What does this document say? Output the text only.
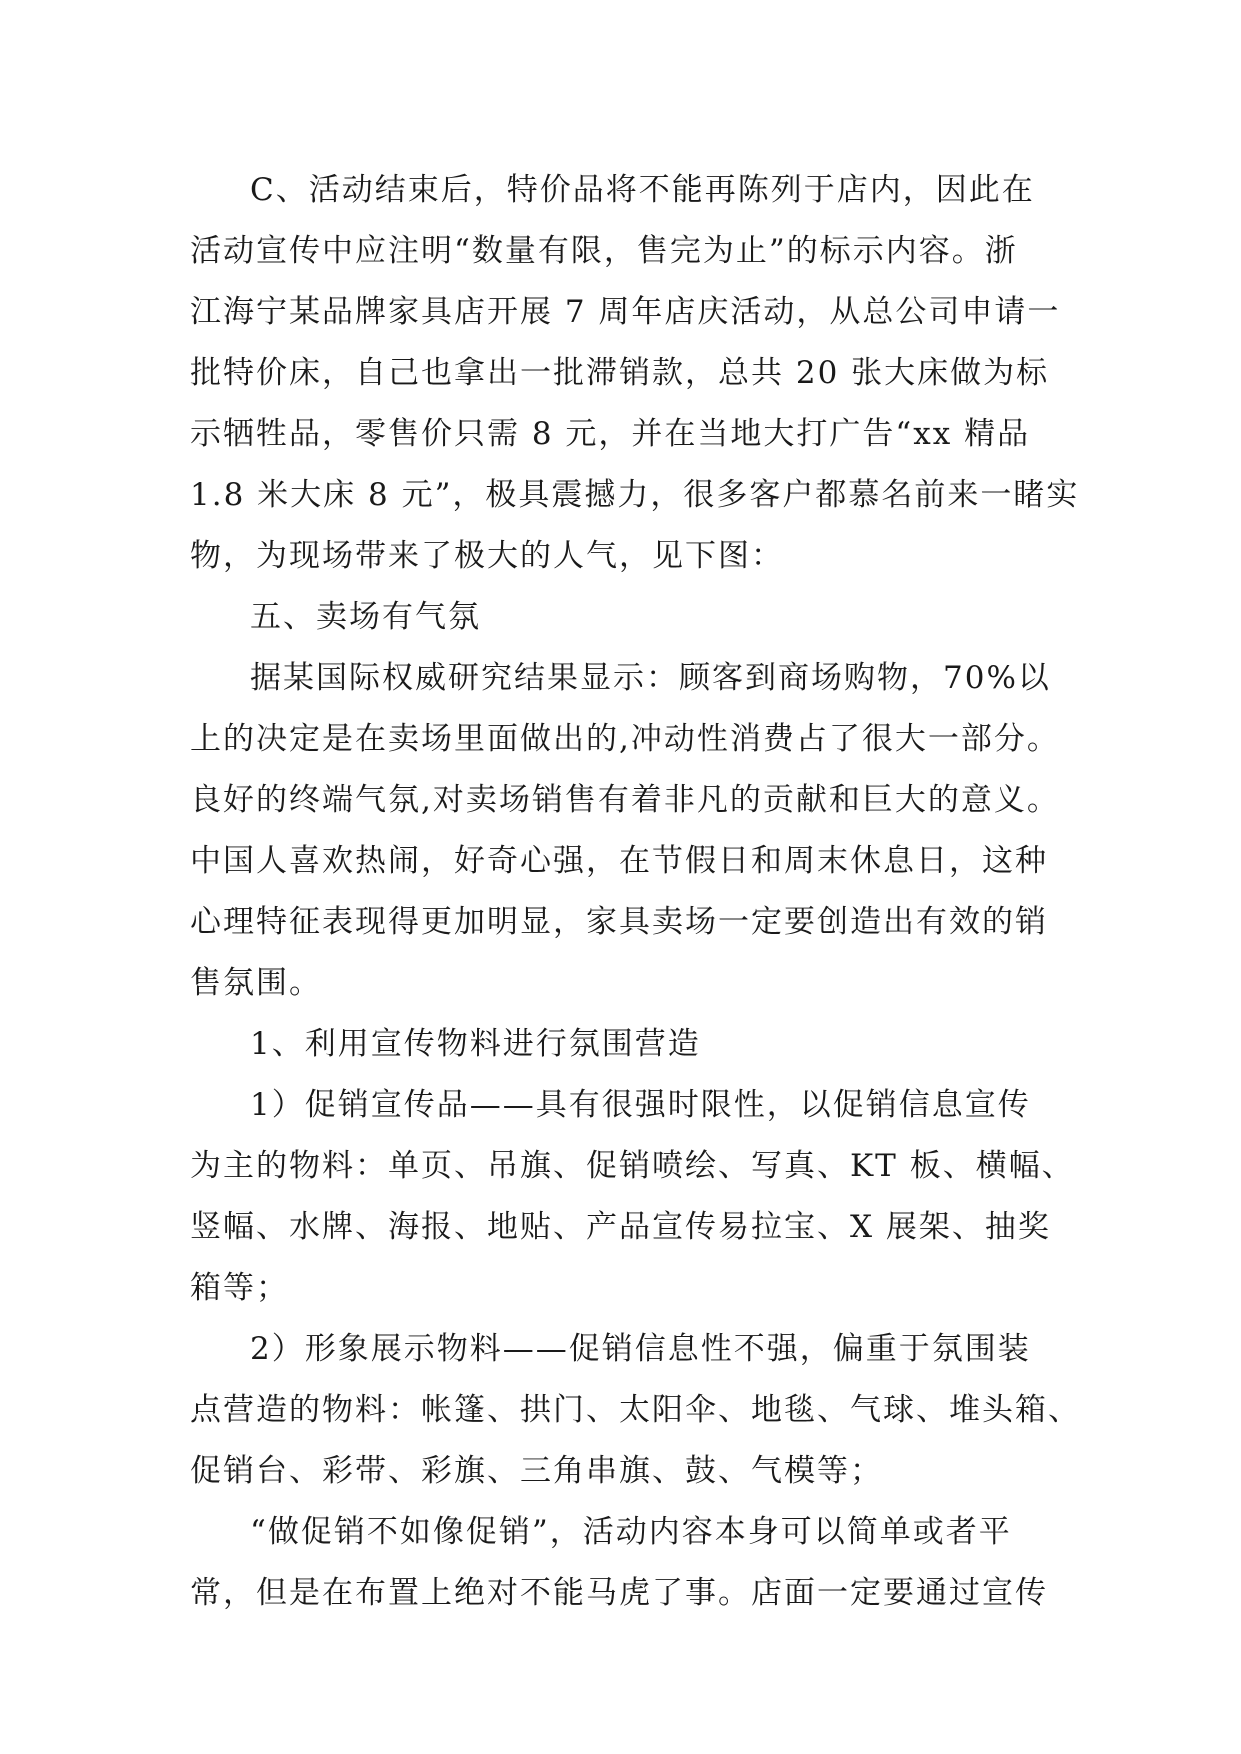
C、活动结束后，特价品将不能再陈列于店内，因此在
活动宣传中应注明“数量有限，售完为止”的标示内容。浙
江海宁某品牌家具店开展 7 周年店庆活动，从总公司申请一
批特价床，自己也拿出一批滞销款，总共 20 张大床做为标
示牺牲品，零售价只需 8 元，并在当地大打广告“xx 精品
1.8 米大床 8 元”，极具震撼力，很多客户都慕名前来一睹实
物，为现场带来了极大的人气，见下图：
五、卖场有气氛
据某国际权威研究结果显示：顾客到商场购物，70%以
上的决定是在卖场里面做出的,冲动性消费占了很大一部分。
良好的终端气氛,对卖场销售有着非凡的贡献和巨大的意义。
中国人喜欢热闹，好奇心强，在节假日和周末休息日，这种
心理特征表现得更加明显，家具卖场一定要创造出有效的销
售氛围。
1、利用宣传物料进行氛围营造
1）促销宣传品——具有很强时限性，以促销信息宣传
为主的物料：单页、吊旗、促销喷绘、写真、KT 板、横幅、
竖幅、水牌、海报、地贴、产品宣传易拉宝、X 展架、抽奖
箱等；
2）形象展示物料——促销信息性不强，偏重于氛围装
点营造的物料：帐篷、拱门、太阳伞、地毯、气球、堆头箱、
促销台、彩带、彩旗、三角串旗、鼓、气模等；
“做促销不如像促销”，活动内容本身可以简单或者平
常，但是在布置上绝对不能马虎了事。店面一定要通过宣传
